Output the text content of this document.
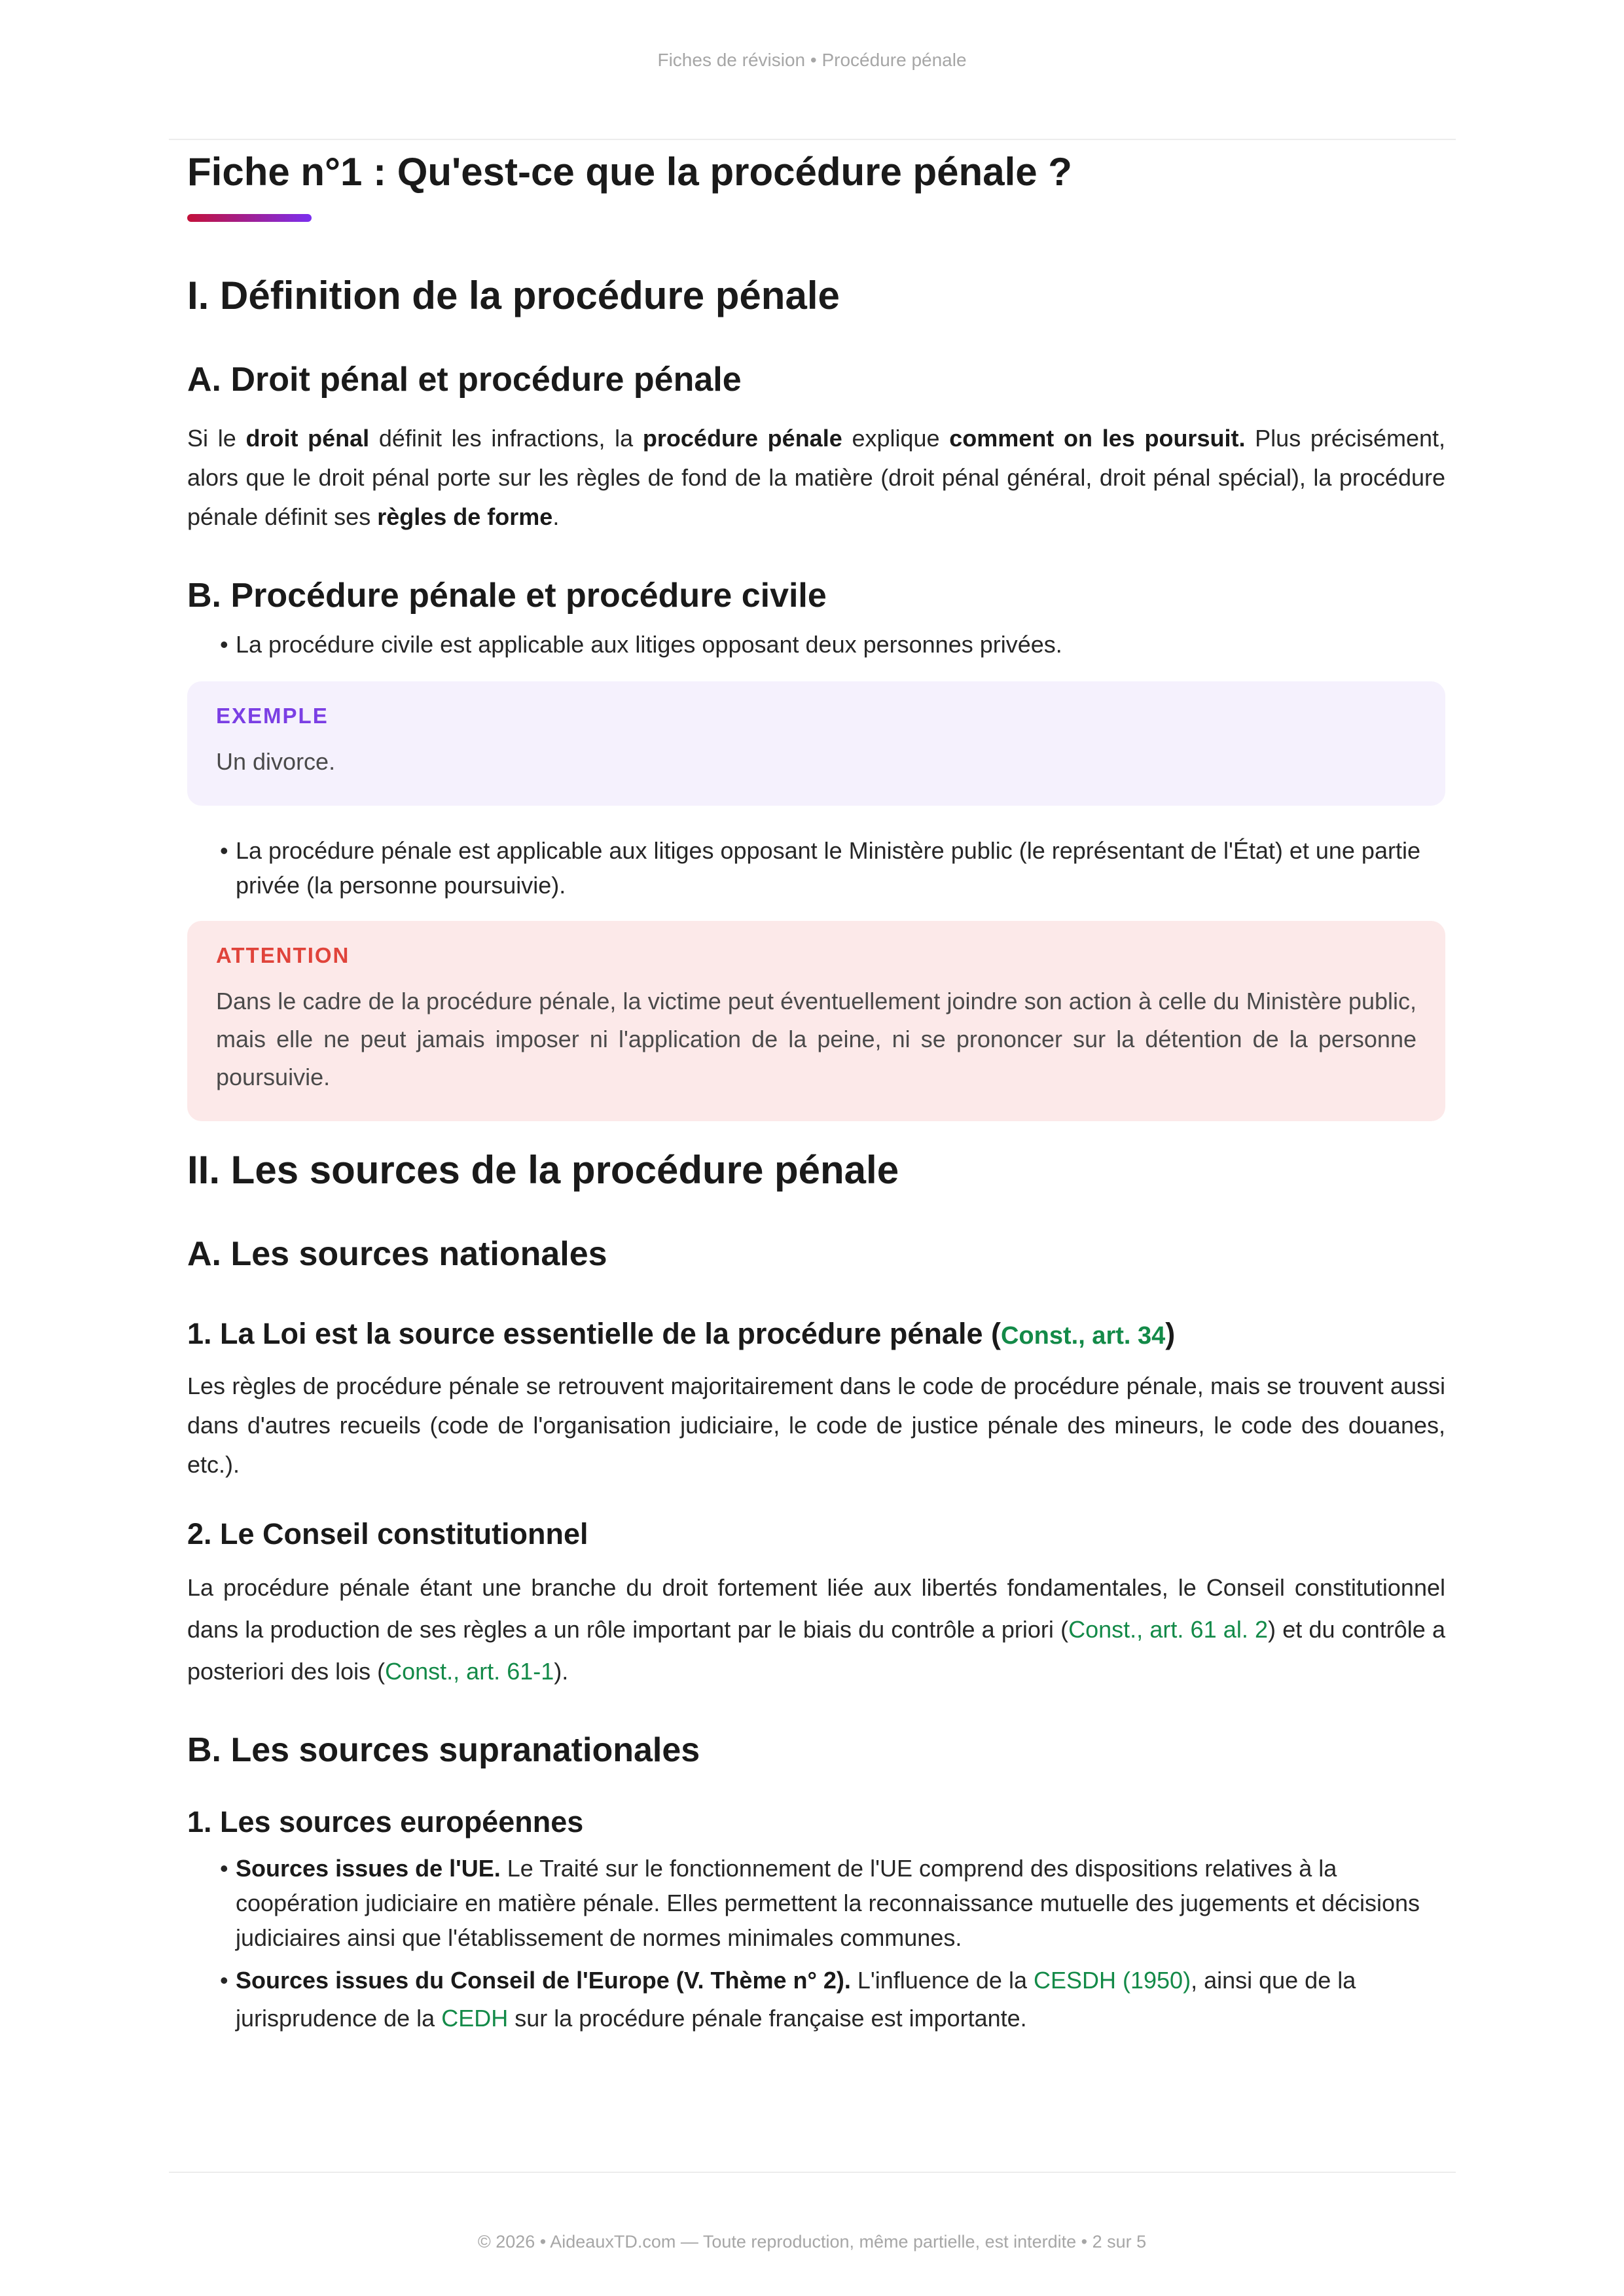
Fiches de révision • Procédure pénale
Fiche n°1 : Qu'est-ce que la procédure pénale ?
I. Définition de la procédure pénale
A. Droit pénal et procédure pénale

Si le droit pénal définit les infractions, la procédure pénale explique comment on les poursuit. Plus précisément, alors que le droit pénal porte sur les règles de fond de la matière (droit pénal général, droit pénal spécial), la procédure pénale définit ses règles de forme.

B. Procédure pénale et procédure civile
• La procédure civile est applicable aux litiges opposant deux personnes privées.
EXEMPLE
Un divorce.
• La procédure pénale est applicable aux litiges opposant le Ministère public (le représentant de l'État) et une partie privée (la personne poursuivie).
ATTENTION
Dans le cadre de la procédure pénale, la victime peut éventuellement joindre son action à celle du Ministère public, mais elle ne peut jamais imposer ni l'application de la peine, ni se prononcer sur la détention de la personne poursuivie.
II. Les sources de la procédure pénale
A. Les sources nationales
1. La Loi est la source essentielle de la procédure pénale (Const., art. 34)

Les règles de procédure pénale se retrouvent majoritairement dans le code de procédure pénale, mais se trouvent aussi dans d'autres recueils (code de l'organisation judiciaire, le code de justice pénale des mineurs, le code des douanes, etc.).

2. Le Conseil constitutionnel

La procédure pénale étant une branche du droit fortement liée aux libertés fondamentales, le Conseil constitutionnel dans la production de ses règles a un rôle important par le biais du contrôle a priori (Const., art. 61 al. 2) et du contrôle a posteriori des lois (Const., art. 61-1).

B. Les sources supranationales
1. Les sources européennes
• Sources issues de l'UE. Le Traité sur le fonctionnement de l'UE comprend des dispositions relatives à la coopération judiciaire en matière pénale. Elles permettent la reconnaissance mutuelle des jugements et décisions judiciaires ainsi que l'établissement de normes minimales communes.
• Sources issues du Conseil de l'Europe (V. Thème n° 2). L'influence de la CESDH (1950), ainsi que de la jurisprudence de la CEDH sur la procédure pénale française est importante.
© 2026 • AideauxTD.com — Toute reproduction, même partielle, est interdite • 2 sur 5
